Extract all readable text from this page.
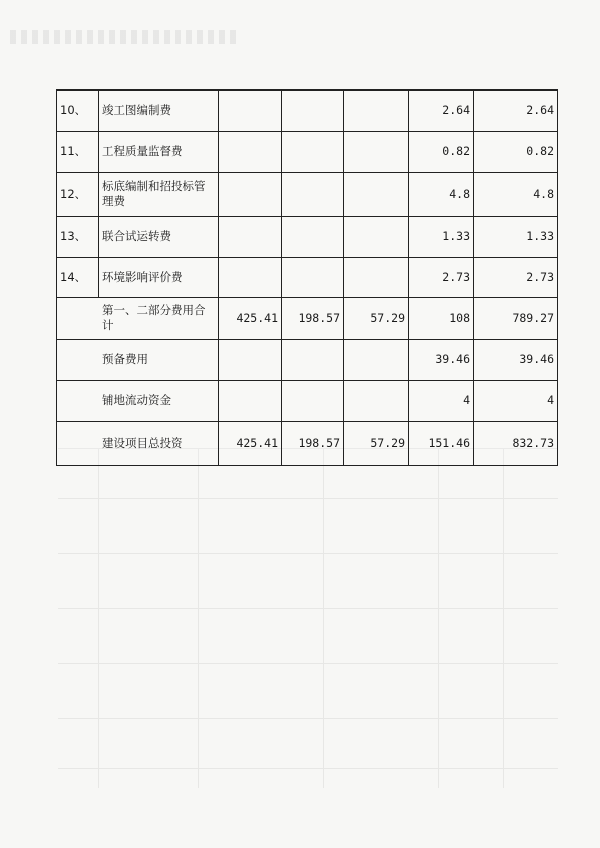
10、	竣工图编制费				2.64	2.64
11、	工程质量监督费				0.82	0.82
12、	标底编制和招投标管理费				4.8	4.8
13、	联合试运转费				1.33	1.33
14、	环境影响评价费				2.73	2.73
第一、二部分费用合计		425.41	198.57	57.29	108	789.27
预备费用					39.46	39.46
铺地流动资金					4	4
建设项目总投资		425.41	198.57	57.29	151.46	832.73
